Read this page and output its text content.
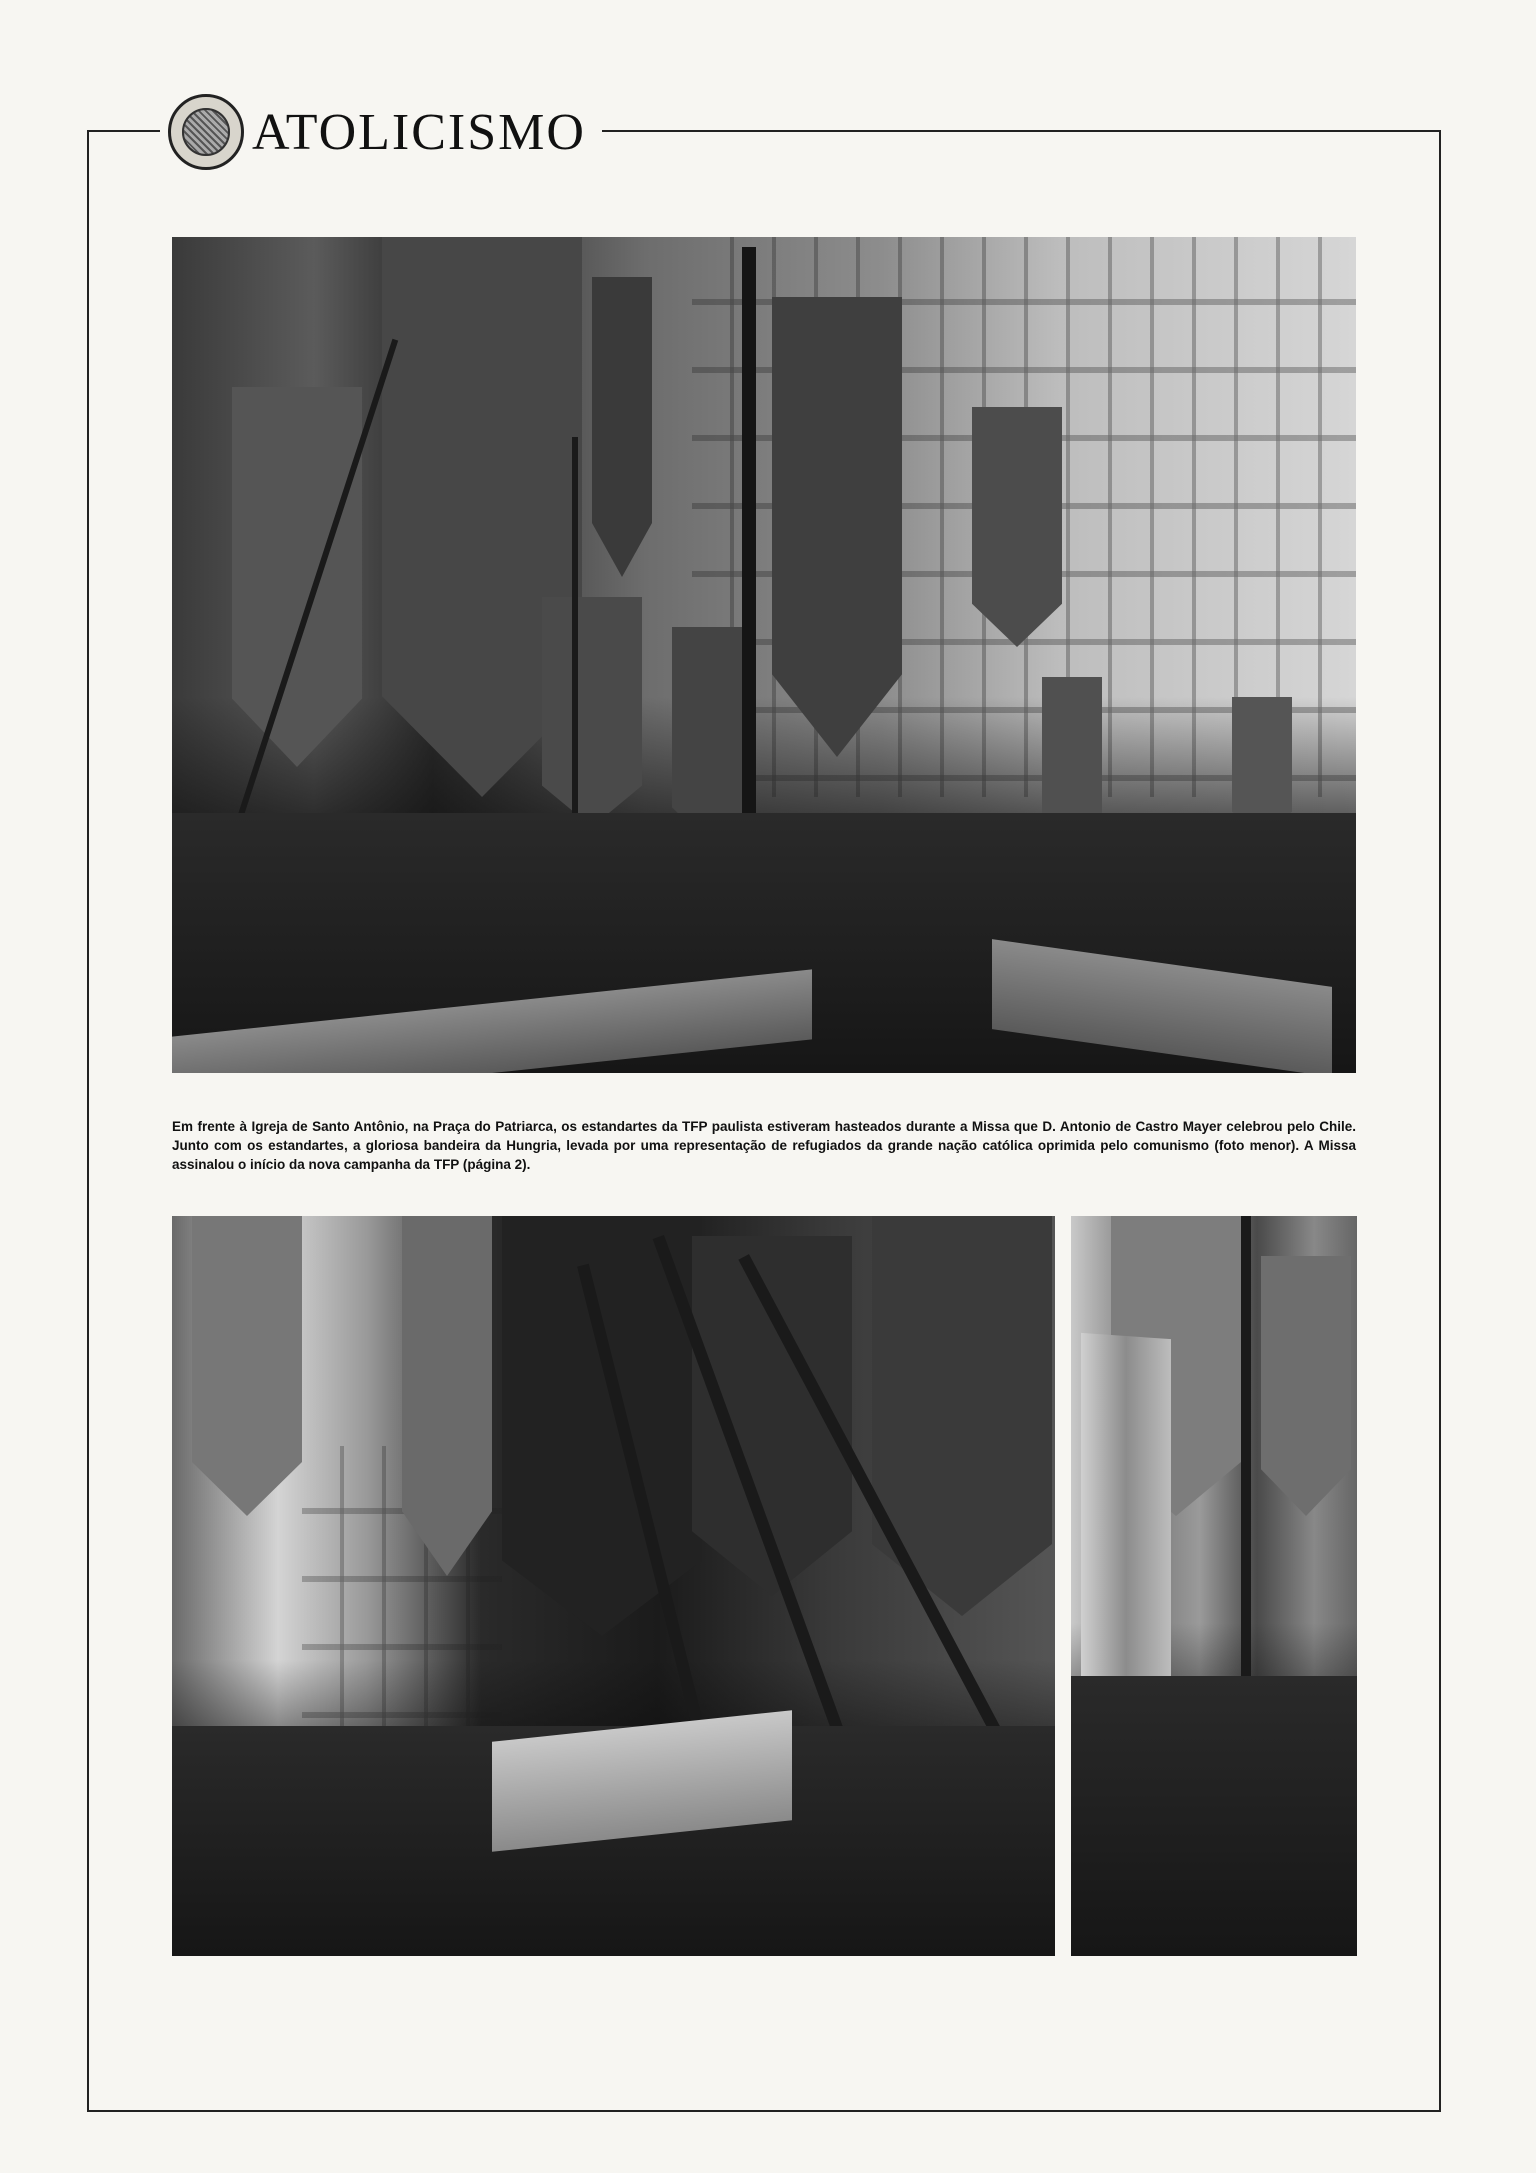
ATOLICISMO
Em frente à Igreja de Santo Antônio, na Praça do Patriarca, os estandartes da TFP paulista estiveram hasteados durante a Missa que D. Antonio de Castro Mayer celebrou pelo Chile. Junto com os estandartes, a gloriosa bandeira da Hungria, levada por uma representação de refugiados da grande nação católica oprimida pelo comunismo (foto menor). A Missa assinalou o início da nova campanha da TFP (página 2).
